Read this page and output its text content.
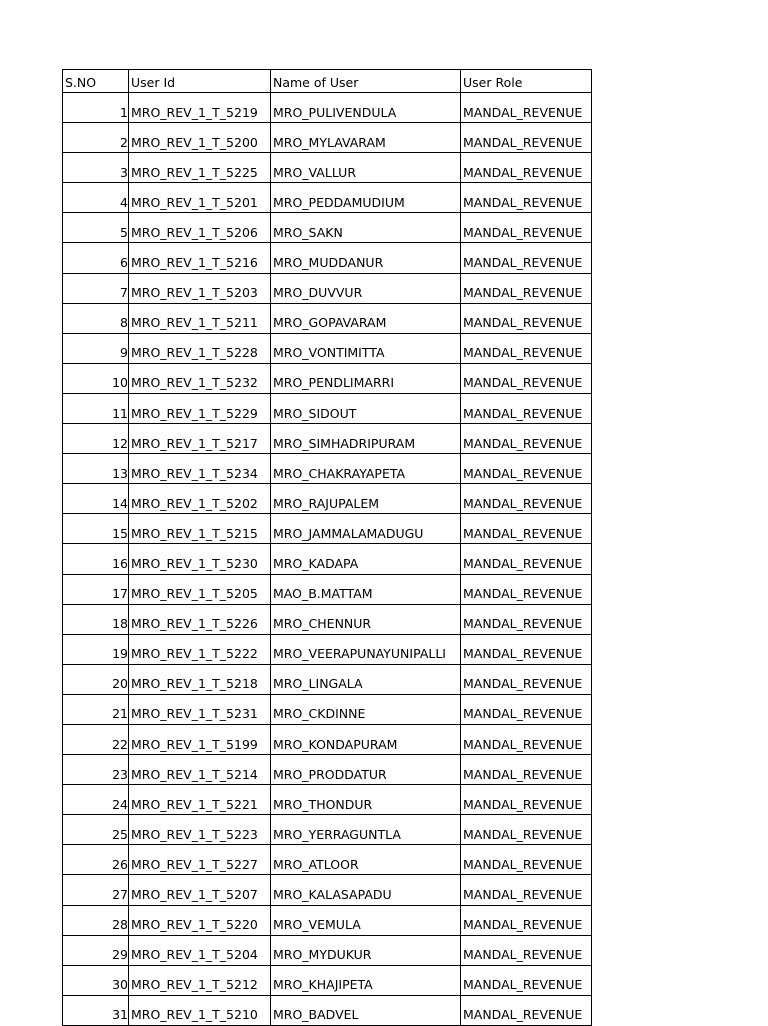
S.NO	User Id	Name of User	User Role
1	MRO_REV_1_T_5219	MRO_PULIVENDULA	MANDAL_REVENUE
2	MRO_REV_1_T_5200	MRO_MYLAVARAM	MANDAL_REVENUE
3	MRO_REV_1_T_5225	MRO_VALLUR	MANDAL_REVENUE
4	MRO_REV_1_T_5201	MRO_PEDDAMUDIUM	MANDAL_REVENUE
5	MRO_REV_1_T_5206	MRO_SAKN	MANDAL_REVENUE
6	MRO_REV_1_T_5216	MRO_MUDDANUR	MANDAL_REVENUE
7	MRO_REV_1_T_5203	MRO_DUVVUR	MANDAL_REVENUE
8	MRO_REV_1_T_5211	MRO_GOPAVARAM	MANDAL_REVENUE
9	MRO_REV_1_T_5228	MRO_VONTIMITTA	MANDAL_REVENUE
10	MRO_REV_1_T_5232	MRO_PENDLIMARRI	MANDAL_REVENUE
11	MRO_REV_1_T_5229	MRO_SIDOUT	MANDAL_REVENUE
12	MRO_REV_1_T_5217	MRO_SIMHADRIPURAM	MANDAL_REVENUE
13	MRO_REV_1_T_5234	MRO_CHAKRAYAPETA	MANDAL_REVENUE
14	MRO_REV_1_T_5202	MRO_RAJUPALEM	MANDAL_REVENUE
15	MRO_REV_1_T_5215	MRO_JAMMALAMADUGU	MANDAL_REVENUE
16	MRO_REV_1_T_5230	MRO_KADAPA	MANDAL_REVENUE
17	MRO_REV_1_T_5205	MAO_B.MATTAM	MANDAL_REVENUE
18	MRO_REV_1_T_5226	MRO_CHENNUR	MANDAL_REVENUE
19	MRO_REV_1_T_5222	MRO_VEERAPUNAYUNIPALLI	MANDAL_REVENUE
20	MRO_REV_1_T_5218	MRO_LINGALA	MANDAL_REVENUE
21	MRO_REV_1_T_5231	MRO_CKDINNE	MANDAL_REVENUE
22	MRO_REV_1_T_5199	MRO_KONDAPURAM	MANDAL_REVENUE
23	MRO_REV_1_T_5214	MRO_PRODDATUR	MANDAL_REVENUE
24	MRO_REV_1_T_5221	MRO_THONDUR	MANDAL_REVENUE
25	MRO_REV_1_T_5223	MRO_YERRAGUNTLA	MANDAL_REVENUE
26	MRO_REV_1_T_5227	MRO_ATLOOR	MANDAL_REVENUE
27	MRO_REV_1_T_5207	MRO_KALASAPADU	MANDAL_REVENUE
28	MRO_REV_1_T_5220	MRO_VEMULA	MANDAL_REVENUE
29	MRO_REV_1_T_5204	MRO_MYDUKUR	MANDAL_REVENUE
30	MRO_REV_1_T_5212	MRO_KHAJIPETA	MANDAL_REVENUE
31	MRO_REV_1_T_5210	MRO_BADVEL	MANDAL_REVENUE
